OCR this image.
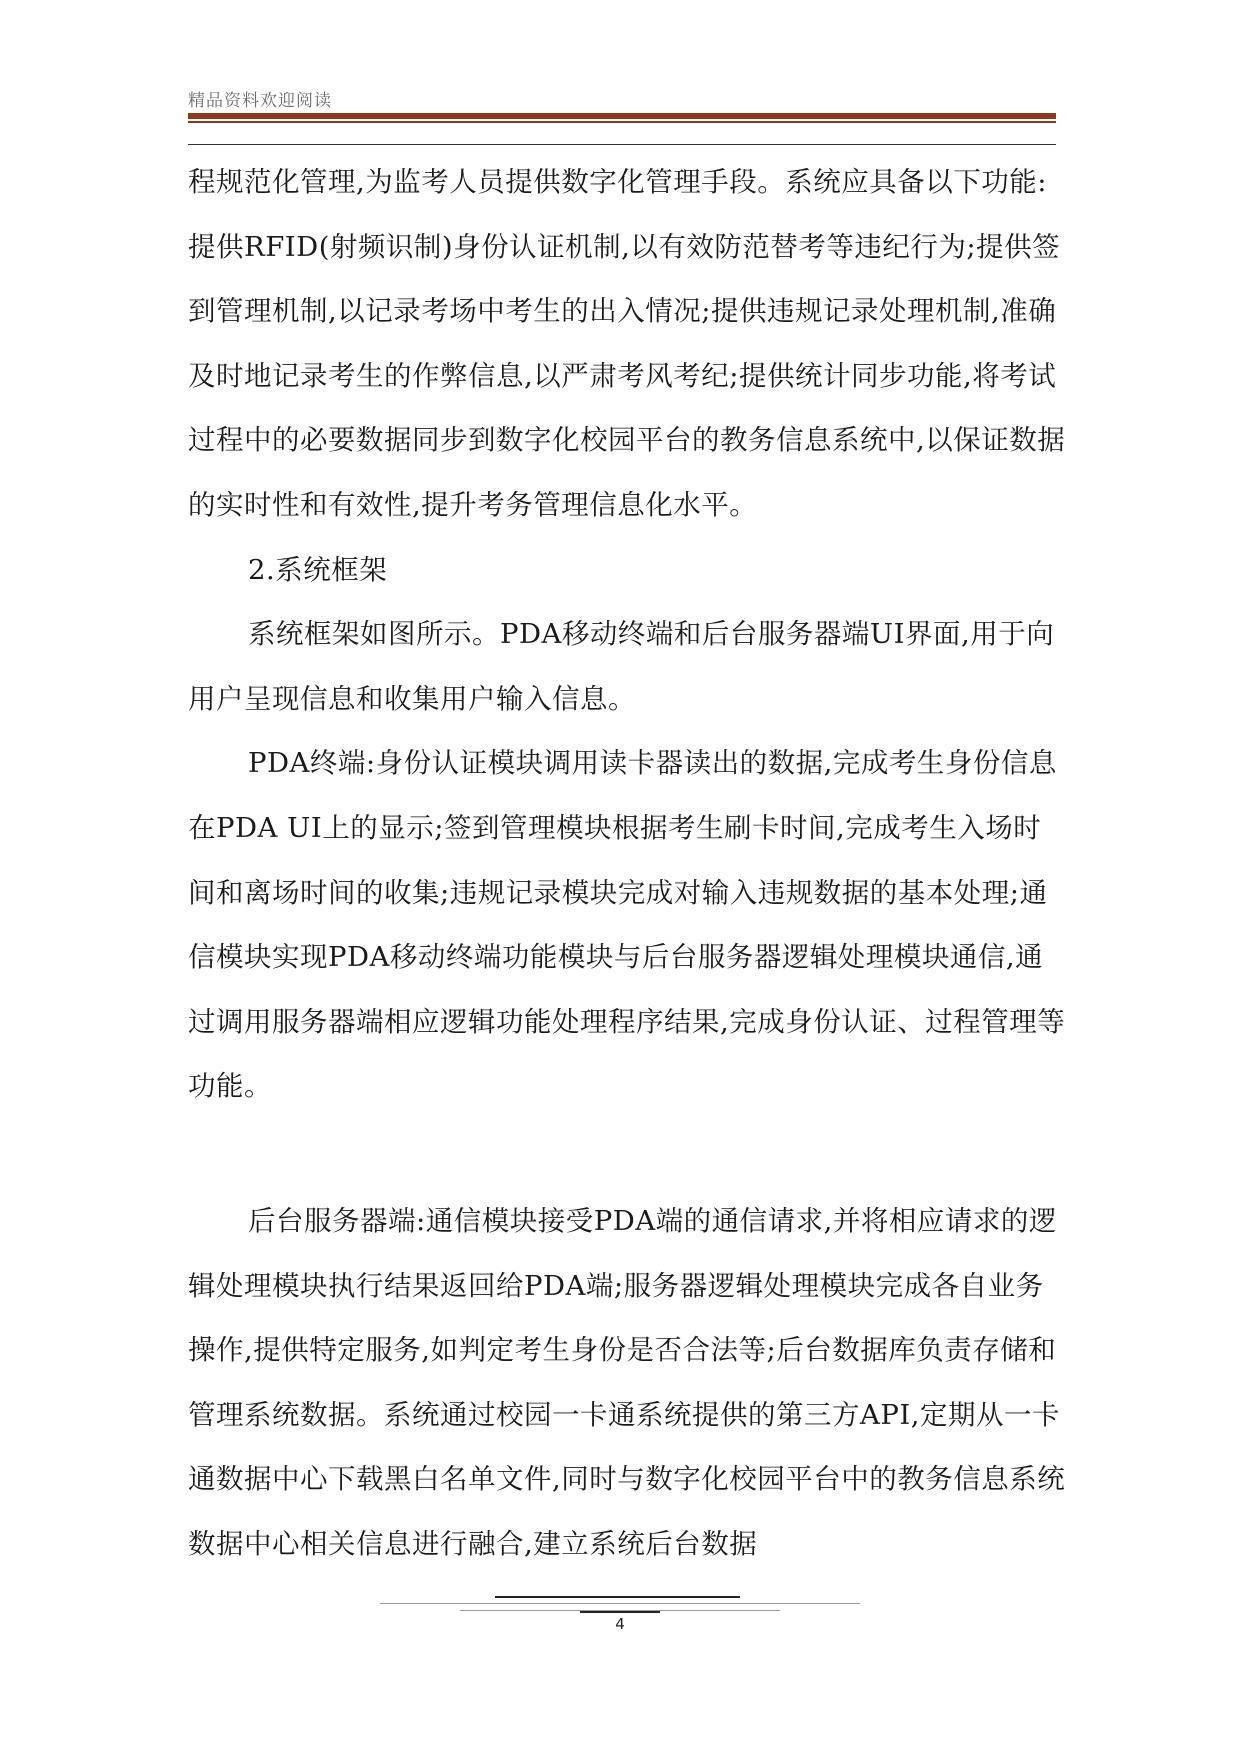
精品资料欢迎阅读

程规范化管理,为监考人员提供数字化管理手段。系统应具备以下功能:提供RFID(射频识制)身份认证机制,以有效防范替考等违纪行为;提供签到管理机制,以记录考场中考生的出入情况;提供违规记录处理机制,准确及时地记录考生的作弊信息,以严肃考风考纪;提供统计同步功能,将考试过程中的必要数据同步到数字化校园平台的教务信息系统中,以保证数据的实时性和有效性,提升考务管理信息化水平。

2.系统框架

系统框架如图所示。PDA移动终端和后台服务器端UI界面,用于向用户呈现信息和收集用户输入信息。

PDA终端:身份认证模块调用读卡器读出的数据,完成考生身份信息在PDA UI上的显示;签到管理模块根据考生刷卡时间,完成考生入场时间和离场时间的收集;违规记录模块完成对输入违规数据的基本处理;通信模块实现PDA移动终端功能模块与后台服务器逻辑处理模块通信,通过调用服务器端相应逻辑功能处理程序结果,完成身份认证、过程管理等功能。

后台服务器端:通信模块接受PDA端的通信请求,并将相应请求的逻辑处理模块执行结果返回给PDA端;服务器逻辑处理模块完成各自业务操作,提供特定服务,如判定考生身份是否合法等;后台数据库负责存储和管理系统数据。系统通过校园一卡通系统提供的第三方API,定期从一卡通数据中心下载黑白名单文件,同时与数字化校园平台中的教务信息系统数据中心相关信息进行融合,建立系统后台数据

4
